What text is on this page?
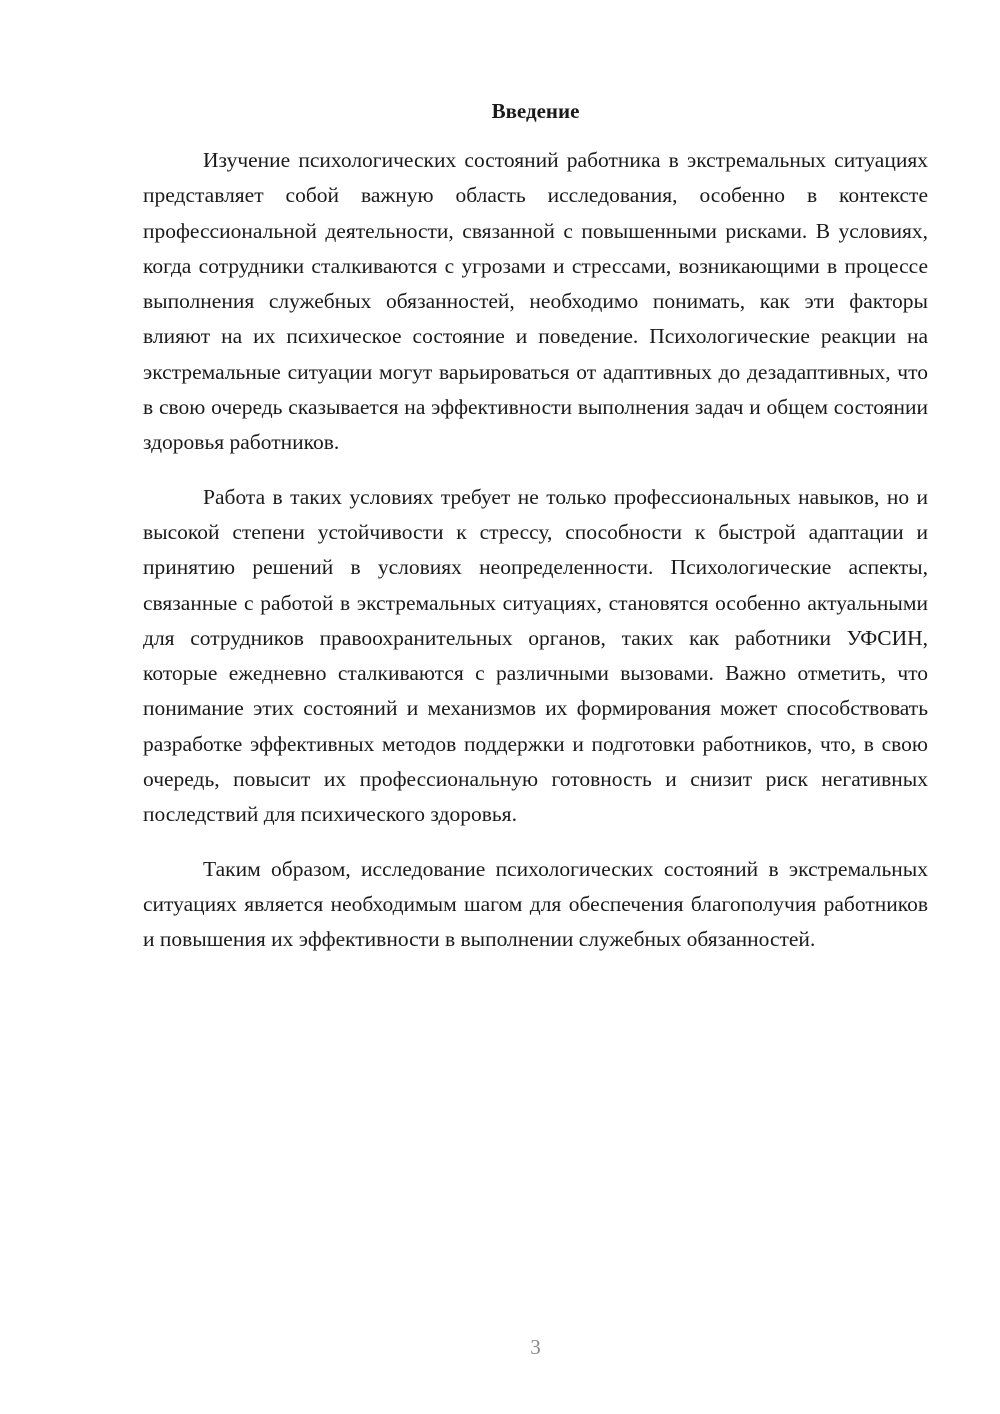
Введение

Изучение психологических состояний работника в экстремальных ситуациях представляет собой важную область исследования, особенно в контексте профессиональной деятельности, связанной с повышенными рисками. В условиях, когда сотрудники сталкиваются с угрозами и стрессами, возникающими в процессе выполнения служебных обязанностей, необходимо понимать, как эти факторы влияют на их психическое состояние и поведение. Психологические реакции на экстремальные ситуации могут варьироваться от адаптивных до дезадаптивных, что в свою очередь сказывается на эффективности выполнения задач и общем состоянии здоровья работников.

Работа в таких условиях требует не только профессиональных навыков, но и высокой степени устойчивости к стрессу, способности к быстрой адаптации и принятию решений в условиях неопределенности. Психологические аспекты, связанные с работой в экстремальных ситуациях, становятся особенно актуальными для сотрудников правоохранительных органов, таких как работники УФСИН, которые ежедневно сталкиваются с различными вызовами. Важно отметить, что понимание этих состояний и механизмов их формирования может способствовать разработке эффективных методов поддержки и подготовки работников, что, в свою очередь, повысит их профессиональную готовность и снизит риск негативных последствий для психического здоровья.

Таким образом, исследование психологических состояний в экстремальных ситуациях является необходимым шагом для обеспечения благополучия работников и повышения их эффективности в выполнении служебных обязанностей.

3
